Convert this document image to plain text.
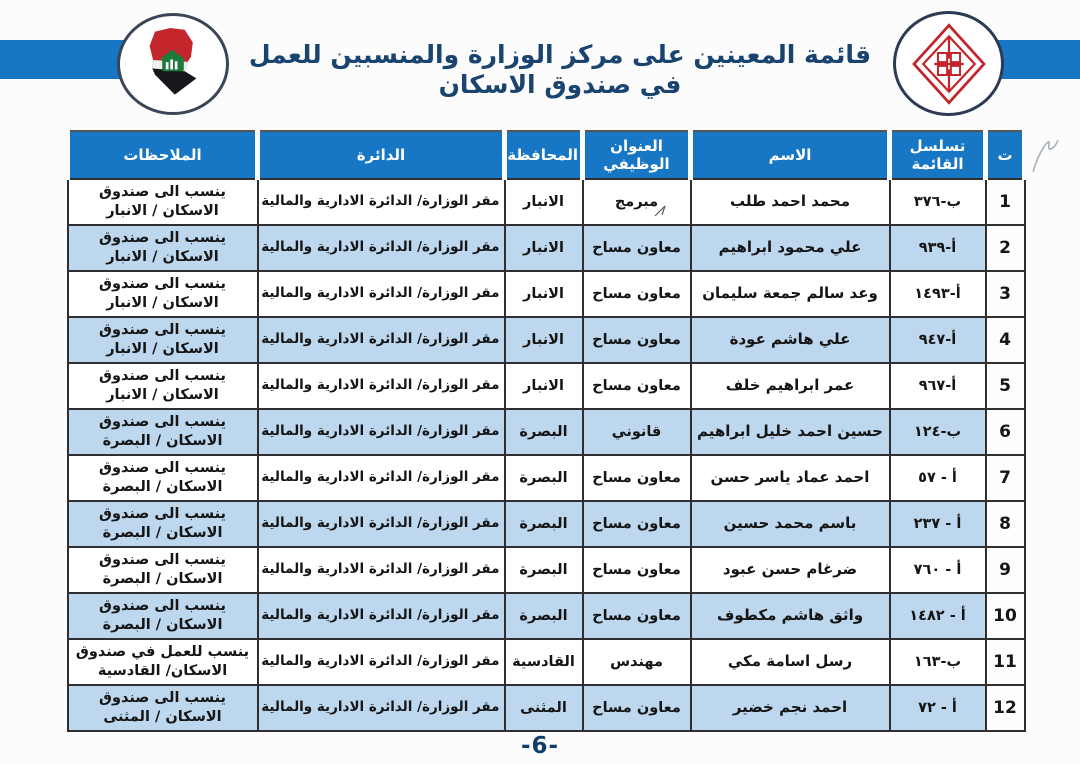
قائمة المعينين على مركز الوزارة والمنسبين للعمل في صندوق الاسكان
ت	تسلسل القائمة	الاسم	العنوان الوظيفي	المحافظة	الدائرة	الملاحظات
1	ب-٣٧٦	محمد احمد طلب	مبرمج	الانبار	مقر الوزارة/ الدائرة الادارية والمالية	ينسب الى صندوق الاسكان / الانبار
2	أ-٩٣٩	علي محمود ابراهيم	معاون مساح	الانبار	مقر الوزارة/ الدائرة الادارية والمالية	ينسب الى صندوق الاسكان / الانبار
3	أ-١٤٩٣	وعد سالم جمعة سليمان	معاون مساح	الانبار	مقر الوزارة/ الدائرة الادارية والمالية	ينسب الى صندوق الاسكان / الانبار
4	أ-٩٤٧	علي هاشم عودة	معاون مساح	الانبار	مقر الوزارة/ الدائرة الادارية والمالية	ينسب الى صندوق الاسكان / الانبار
5	أ-٩٦٧	عمر ابراهيم خلف	معاون مساح	الانبار	مقر الوزارة/ الدائرة الادارية والمالية	ينسب الى صندوق الاسكان / الانبار
6	ب-١٢٤	حسين احمد خليل ابراهيم	قانوني	البصرة	مقر الوزارة/ الدائرة الادارية والمالية	ينسب الى صندوق الاسكان / البصرة
7	أ - ٥٧	احمد عماد ياسر حسن	معاون مساح	البصرة	مقر الوزارة/ الدائرة الادارية والمالية	ينسب الى صندوق الاسكان / البصرة
8	أ - ٢٣٧	باسم محمد حسين	معاون مساح	البصرة	مقر الوزارة/ الدائرة الادارية والمالية	ينسب الى صندوق الاسكان / البصرة
9	أ - ٧٦٠	ضرغام حسن عبود	معاون مساح	البصرة	مقر الوزارة/ الدائرة الادارية والمالية	ينسب الى صندوق الاسكان / البصرة
10	أ - ١٤٨٢	واثق هاشم مكطوف	معاون مساح	البصرة	مقر الوزارة/ الدائرة الادارية والمالية	ينسب الى صندوق الاسكان / البصرة
11	ب-١٦٣	رسل اسامة مكي	مهندس	القادسية	مقر الوزارة/ الدائرة الادارية والمالية	ينسب للعمل في صندوق الاسكان/ القادسية
12	أ - ٧٢	احمد نجم خضير	معاون مساح	المثنى	مقر الوزارة/ الدائرة الادارية والمالية	ينسب الى صندوق الاسكان / المثنى
-6-
